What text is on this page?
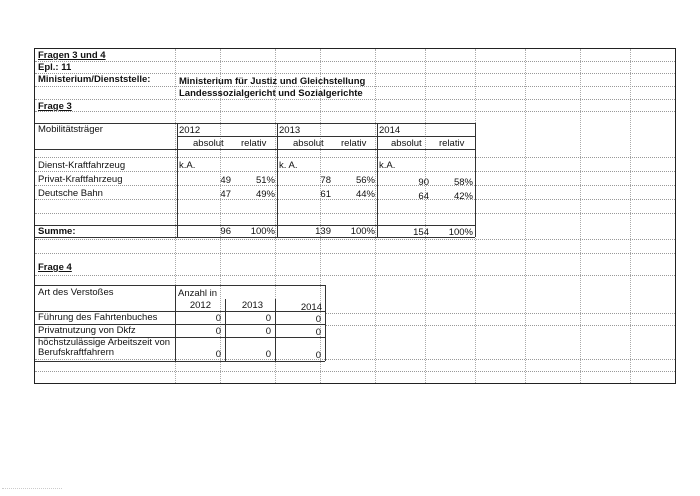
Fragen 3 und 4
Epl.: 11
Ministerium/Dienststelle:	Ministerium für Justiz und Gleichstellung
Landesssozialgericht und Sozialgerichte
Frage 3
Mobilitätsträger	2012	2013	2014
absolut relativ	absolut relativ	absolut relativ
Dienst-Kraftfahrzeug	k.A.	k. A.	k.A.
Privat-Kraftfahrzeug	49	51%	78	56%	90	58%
Deutsche Bahn	47	49%	61	44%	64	42%
Summe:	96	100%	139	100%	154	100%
Frage 4
Art des Verstoßes	Anzahl in
2012	2013	2014
Führung des Fahrtenbuches	0	0	0
Privatnutzung von Dkfz	0	0	0
höchstzulässige Arbeitszeit von
Berufskraftfahrern	0	0	0
